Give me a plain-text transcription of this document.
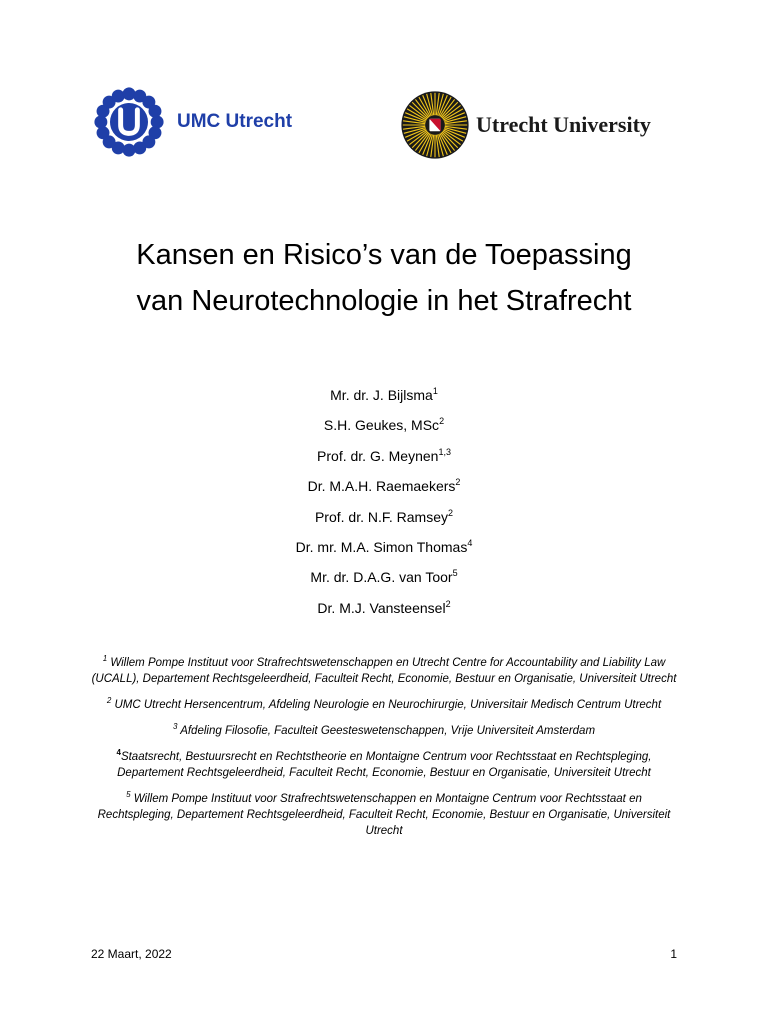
UMC Utrecht	Utrecht University
Kansen en Risico’s van de Toepassing
van Neurotechnologie in het Strafrecht
Mr. dr. J. Bijlsma$^1$
S.H. Geukes, MSc$^2$
Prof. dr. G. Meynen$^{1,3}$
Dr. M.A.H. Raemaekers$^2$
Prof. dr. N.F. Ramsey$^2$
Dr. mr. M.A. Simon Thomas$^4$
Mr. dr. D.A.G. van Toor$^5$
Dr. M.J. Vansteensel$^2$
$^1$ Willem Pompe Instituut voor Strafrechtswetenschappen en Utrecht Centre for Accountability and Liability Law (UCALL), Departement Rechtsgeleerdheid, Faculteit Recht, Economie, Bestuur en Organisatie, Universiteit Utrecht
$^2$ UMC Utrecht Hersencentrum, Afdeling Neurologie en Neurochirurgie, Universitair Medisch Centrum Utrecht
$^3$ Afdeling Filosofie, Faculteit Geesteswetenschappen, Vrije Universiteit Amsterdam
$^4$Staatsrecht, Bestuursrecht en Rechtstheorie en Montaigne Centrum voor Rechtsstaat en Rechtspleging, Departement Rechtsgeleerdheid, Faculteit Recht, Economie, Bestuur en Organisatie, Universiteit Utrecht
$^5$ Willem Pompe Instituut voor Strafrechtswetenschappen en Montaigne Centrum voor Rechtsstaat en Rechtspleging, Departement Rechtsgeleerdheid, Faculteit Recht, Economie, Bestuur en Organisatie, Universiteit Utrecht
22 Maart, 2022	1
